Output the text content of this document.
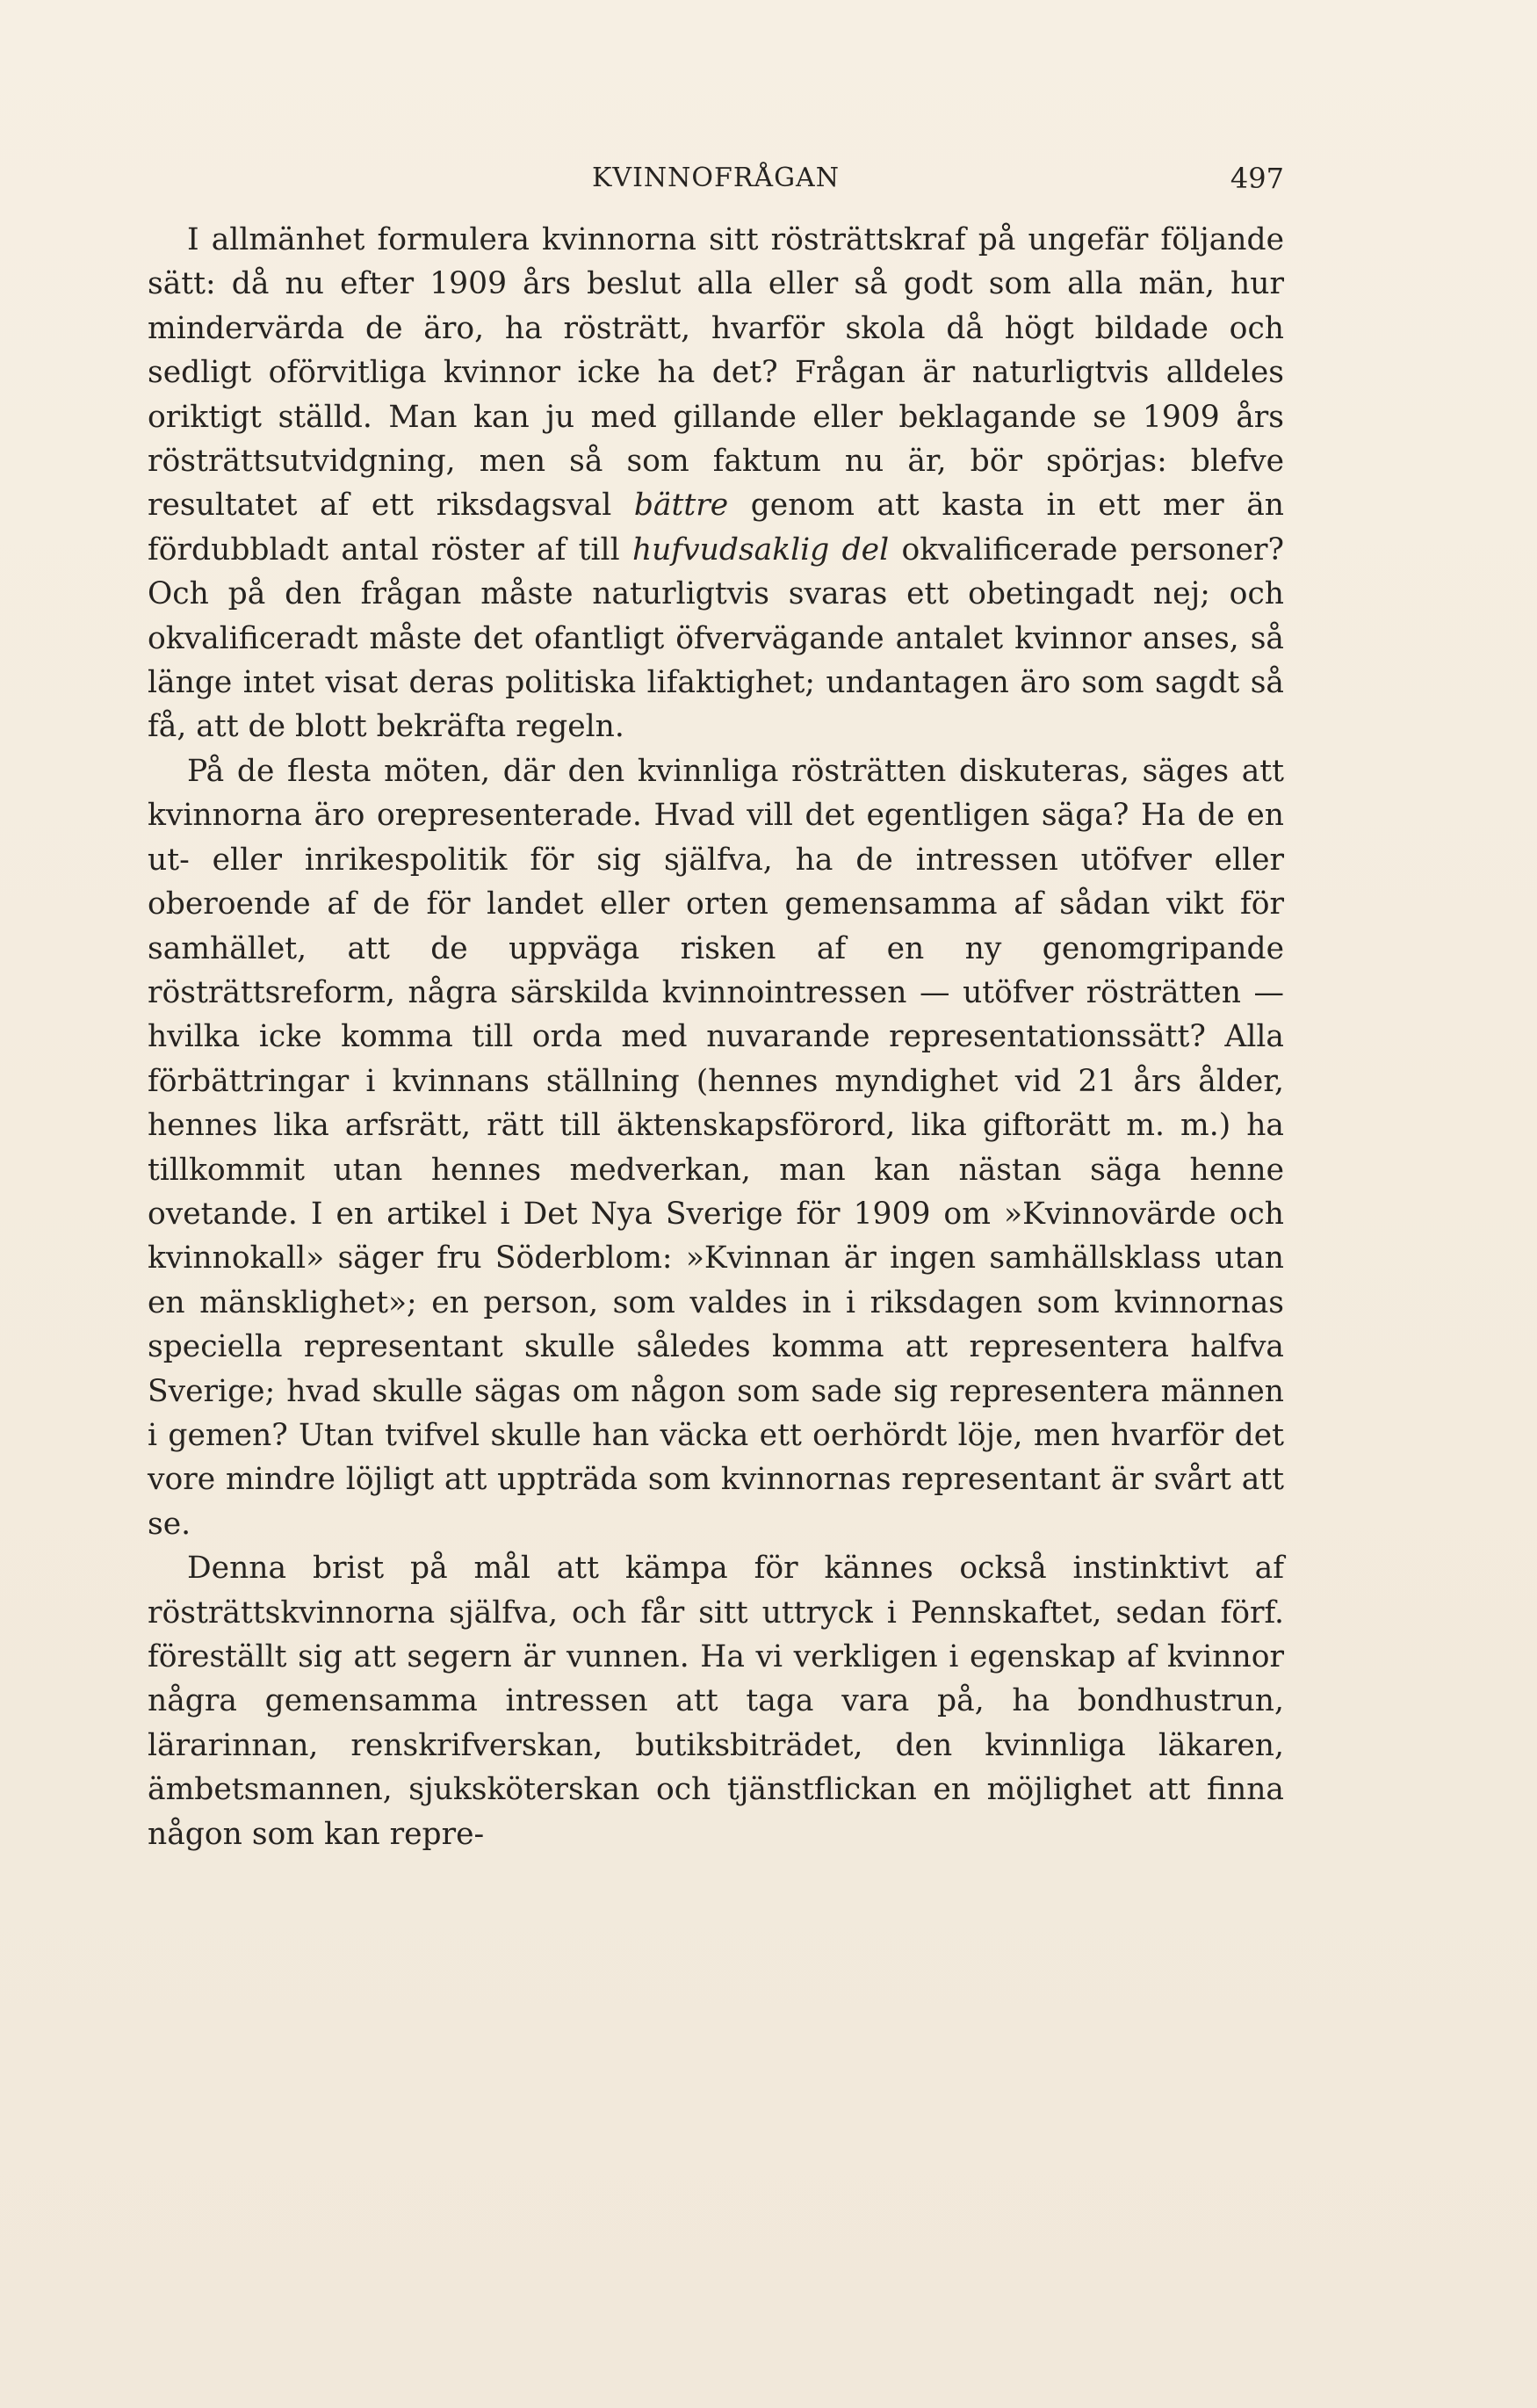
KVINNOFRÅGAN	497

I allmänhet formulera kvinnorna sitt rösträttskraf på ungefär följande sätt: då nu efter 1909 års beslut alla eller så godt som alla män, hur mindervärda de äro, ha rösträtt, hvarför skola då högt bildade och sedligt oförvitliga kvinnor icke ha det? Frågan är naturligtvis alldeles oriktigt ställd. Man kan ju med gillande eller beklagande se 1909 års rösträttsutvidgning, men så som faktum nu är, bör spörjas: blefve resultatet af ett riksdagsval bättre genom att kasta in ett mer än fördubbladt antal röster af till hufvudsaklig del okvalificerade personer? Och på den frågan måste naturligtvis svaras ett obetingadt nej; och okvalificeradt måste det ofantligt öfvervägande antalet kvinnor anses, så länge intet visat deras politiska lifaktighet; undantagen äro som sagdt så få, att de blott bekräfta regeln.

På de flesta möten, där den kvinnliga rösträtten diskuteras, säges att kvinnorna äro orepresenterade. Hvad vill det egentligen säga? Ha de en ut- eller inrikespolitik för sig själfva, ha de intressen utöfver eller oberoende af de för landet eller orten gemensamma af sådan vikt för samhället, att de uppväga risken af en ny genomgripande rösträttsreform, några särskilda kvinnointressen — utöfver rösträtten — hvilka icke komma till orda med nuvarande representationssätt? Alla förbättringar i kvinnans ställning (hennes myndighet vid 21 års ålder, hennes lika arfsrätt, rätt till äktenskapsförord, lika giftorätt m. m.) ha tillkommit utan hennes medverkan, man kan nästan säga henne ovetande. I en artikel i Det Nya Sverige för 1909 om »Kvinnovärde och kvinnokall» säger fru Söderblom: »Kvinnan är ingen samhällsklass utan en mänsklighet»; en person, som valdes in i riksdagen som kvinnornas speciella representant skulle således komma att representera halfva Sverige; hvad skulle sägas om någon som sade sig representera männen i gemen? Utan tvifvel skulle han väcka ett oerhördt löje, men hvarför det vore mindre löjligt att uppträda som kvinnornas representant är svårt att se.

Denna brist på mål att kämpa för kännes också instinktivt af rösträttskvinnorna själfva, och får sitt uttryck i Pennskaftet, sedan förf. föreställt sig att segern är vunnen. Ha vi verkligen i egenskap af kvinnor några gemensamma intressen att taga vara på, ha bondhustrun, lärarinnan, renskrifverskan, butiksbiträdet, den kvinnliga läkaren, ämbetsmannen, sjuksköterskan och tjänstflickan en möjlighet att finna någon som kan repre-
